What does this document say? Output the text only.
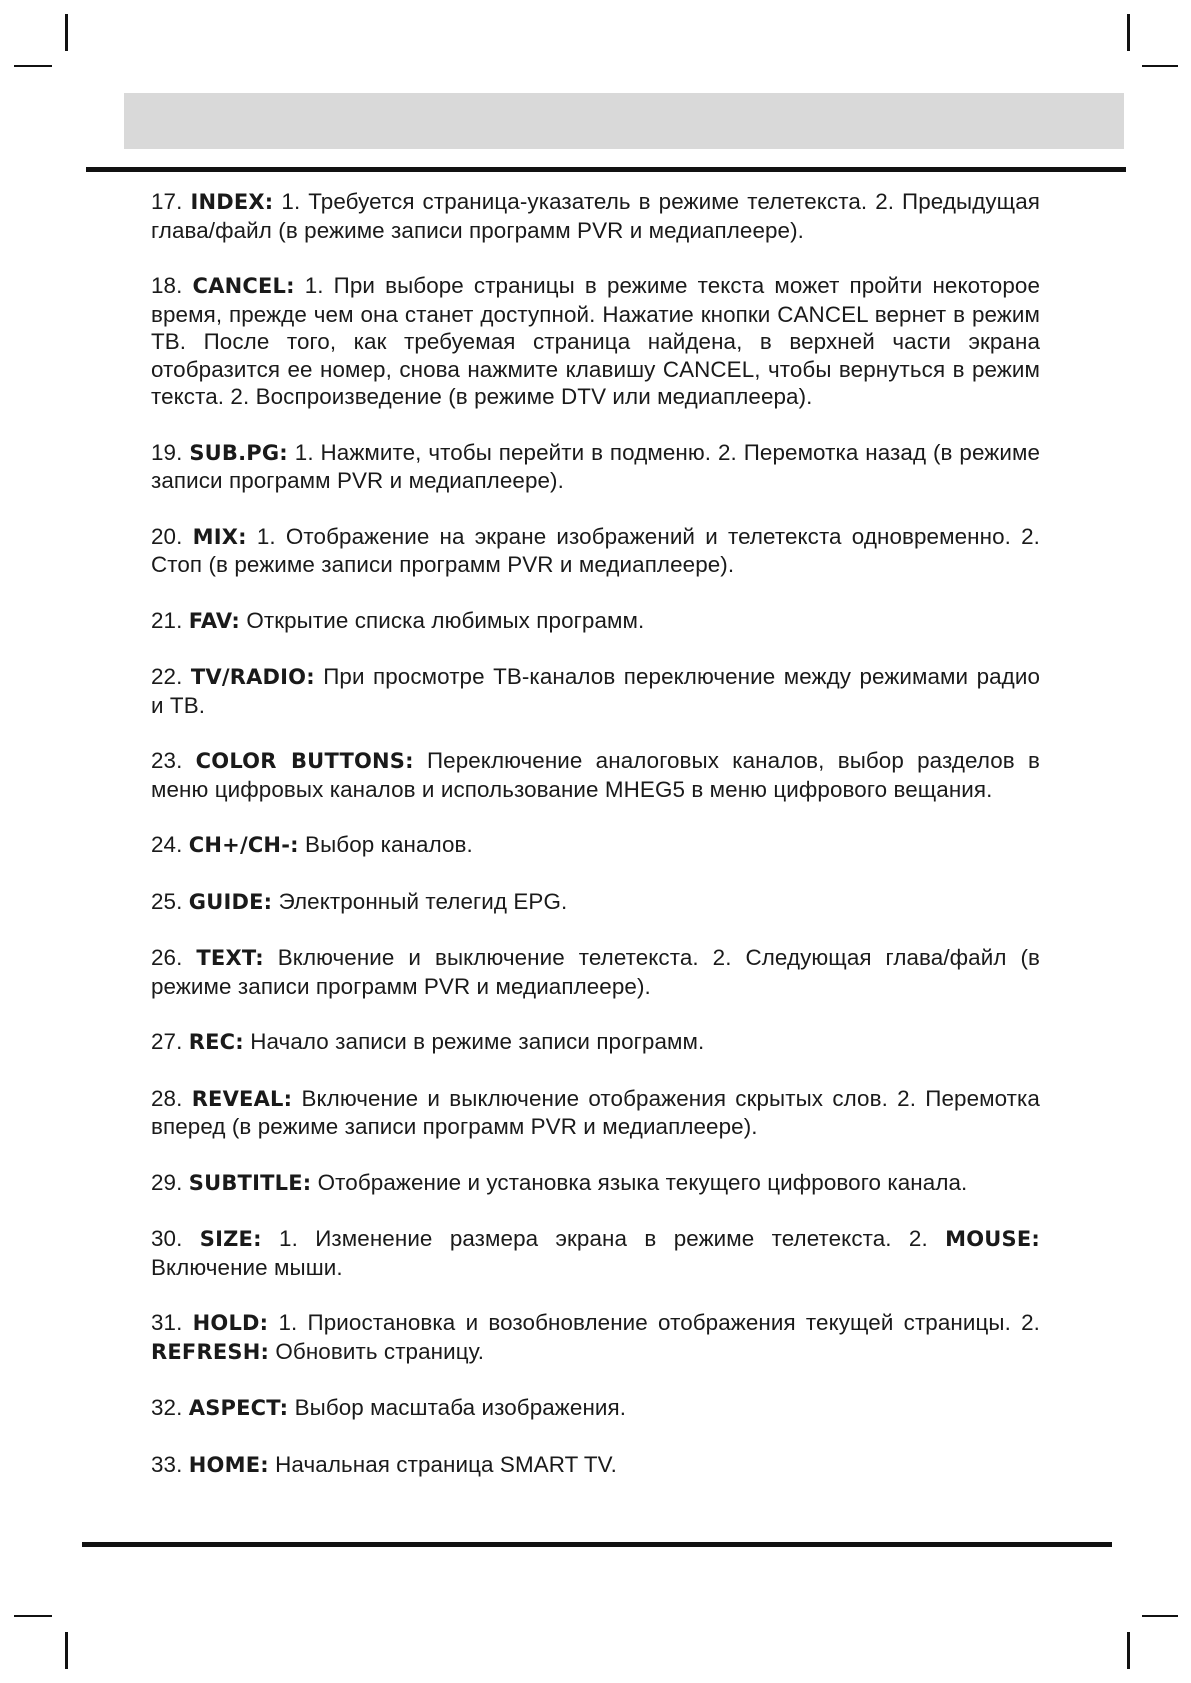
17. INDEX: 1. Требуется страница-указатель в режиме телетекста. 2. Предыдущая глава/файл (в режиме записи программ PVR и медиаплеере).

18. CANCEL: 1. При выборе страницы в режиме текста может пройти некоторое время, прежде чем она станет доступной. Нажатие кнопки CANCEL вернет в режим ТВ. После того, как требуемая страница найдена, в верхней части экрана отобразится ее номер, снова нажмите клавишу CANCEL, чтобы вернуться в режим текста. 2. Воспроизведение (в режиме DTV или медиаплеера).

19. SUB.PG: 1. Нажмите, чтобы перейти в подменю. 2. Перемотка назад (в режиме записи программ PVR и медиаплеере).

20. MIX: 1. Отображение на экране изображений и телетекста одновременно. 2. Стоп (в режиме записи программ PVR и медиаплеере).

21. FAV: Открытие списка любимых программ.

22. TV/RADIO: При просмотре ТВ-каналов переключение между режимами радио и ТВ.

23. COLOR BUTTONS: Переключение аналоговых каналов, выбор разделов в меню цифровых каналов и использование MHEG5 в меню цифрового вещания.

24. CH+/CH-: Выбор каналов.

25. GUIDE: Электронный телегид EPG.

26. TEXT: Включение и выключение телетекста. 2. Следующая глава/файл (в режиме записи программ PVR и медиаплеере).

27. REC: Начало записи в режиме записи программ.

28. REVEAL: Включение и выключение отображения скрытых слов. 2. Перемотка вперед (в режиме записи программ PVR и медиаплеере).

29. SUBTITLE: Отображение и установка языка текущего цифрового канала.

30. SIZE: 1. Изменение размера экрана в режиме телетекста. 2. MOUSE: Включение мыши.

31. HOLD: 1. Приостановка и возобновление отображения текущей страницы. 2. REFRESH: Обновить страницу.

32. ASPECT: Выбор масштаба изображения.

33. HOME: Начальная страница SMART TV.
